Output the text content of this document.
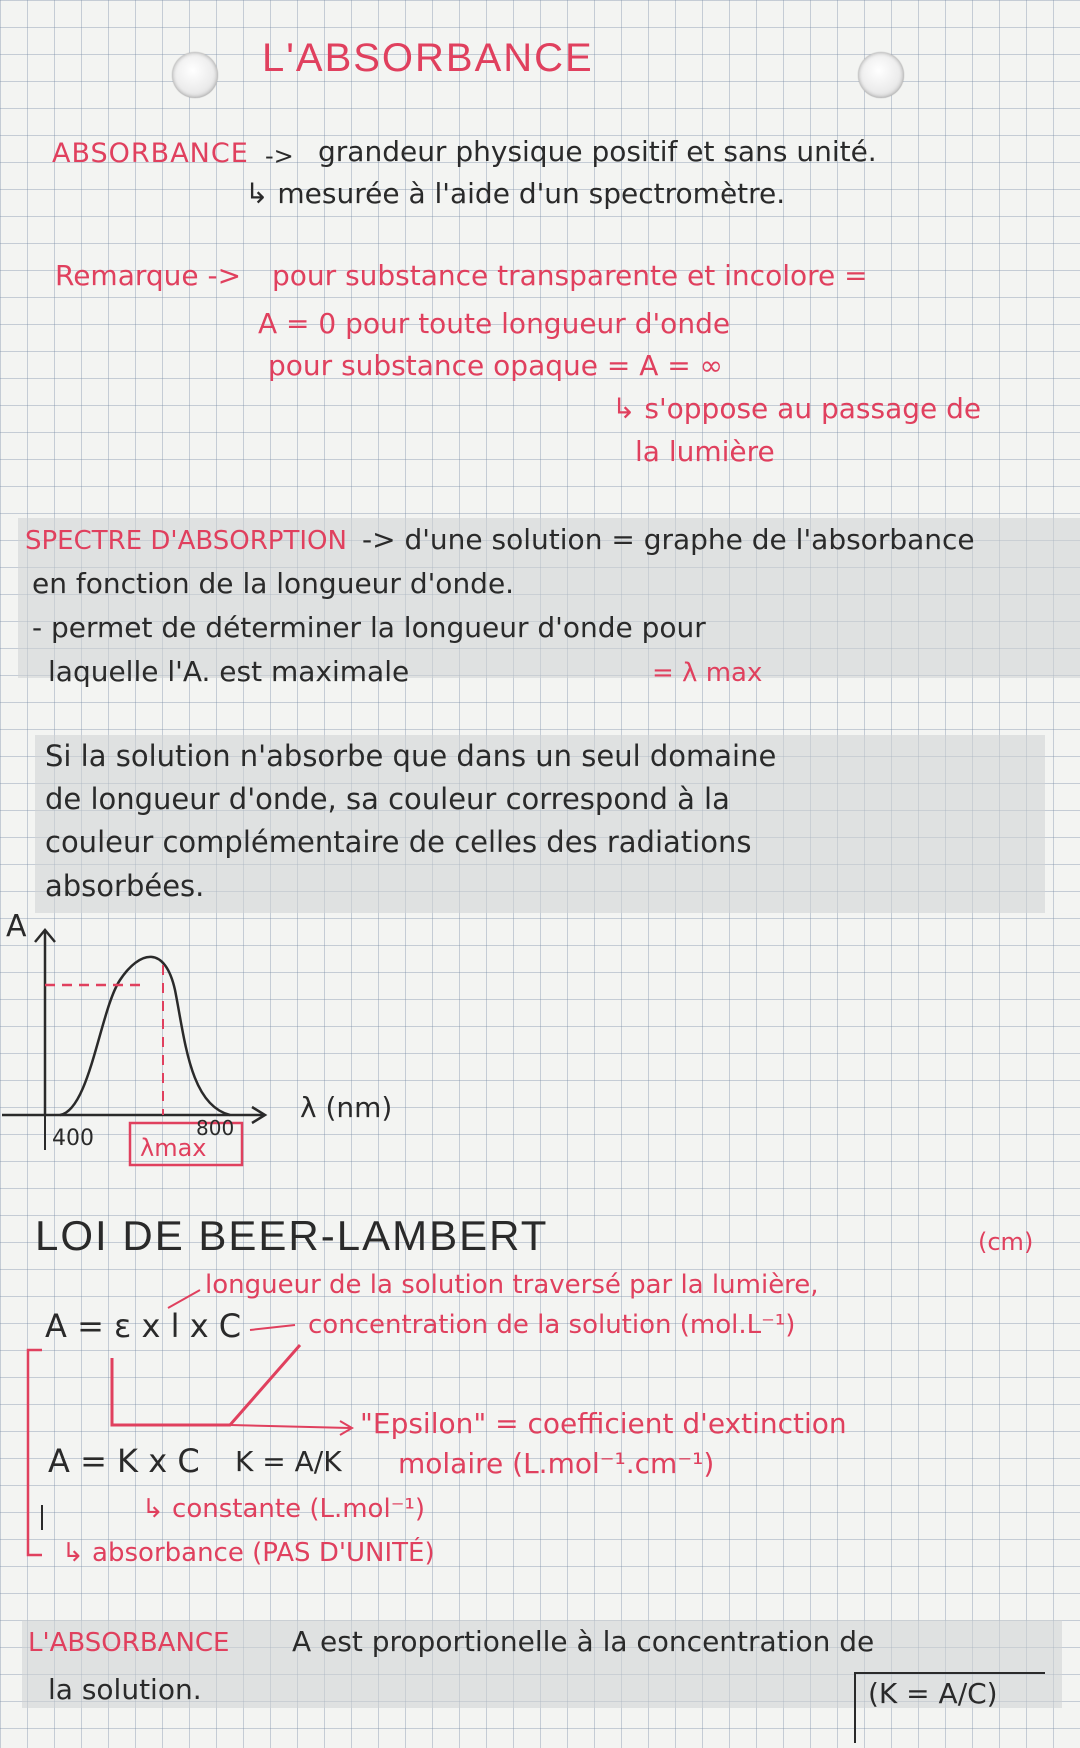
L'ABSORBANCE
ABSORBANCE -> grandeur physique positif et sans unité.
↳ mesurée à l'aide d'un spectromètre.
Remarque -> pour substance transparente et incolore =
A = 0 pour toute longueur d'onde
pour substance opaque = A = ∞
↳ s'oppose au passage de
la lumière
SPECTRE D'ABSORPTION -> d'une solution = graphe de l'absorbance
en fonction de la longueur d'onde.
- permet de déterminer la longueur d'onde pour
laquelle l'A. est maximale	= λ max
Si la solution n'absorbe que dans un seul domaine
de longueur d'onde, sa couleur correspond à la
couleur complémentaire de celles des radiations
absorbées.
A
λ (nm)
400	800
λmax
LOI DE BEER-LAMBERT	(cm)
longueur de la solution traversé par la lumière,
A = ε x l x C	concentration de la solution (mol.L⁻¹)
"Epsilon" = coefficient d'extinction
molaire (L.mol⁻¹.cm⁻¹)
A = K x C K = A/K
↳ constante (L.mol⁻¹)
↳ absorbance (PAS D'UNITÉ)
L'ABSORBANCE A est proportionelle à la concentration de
la solution.	(K = A/C)
